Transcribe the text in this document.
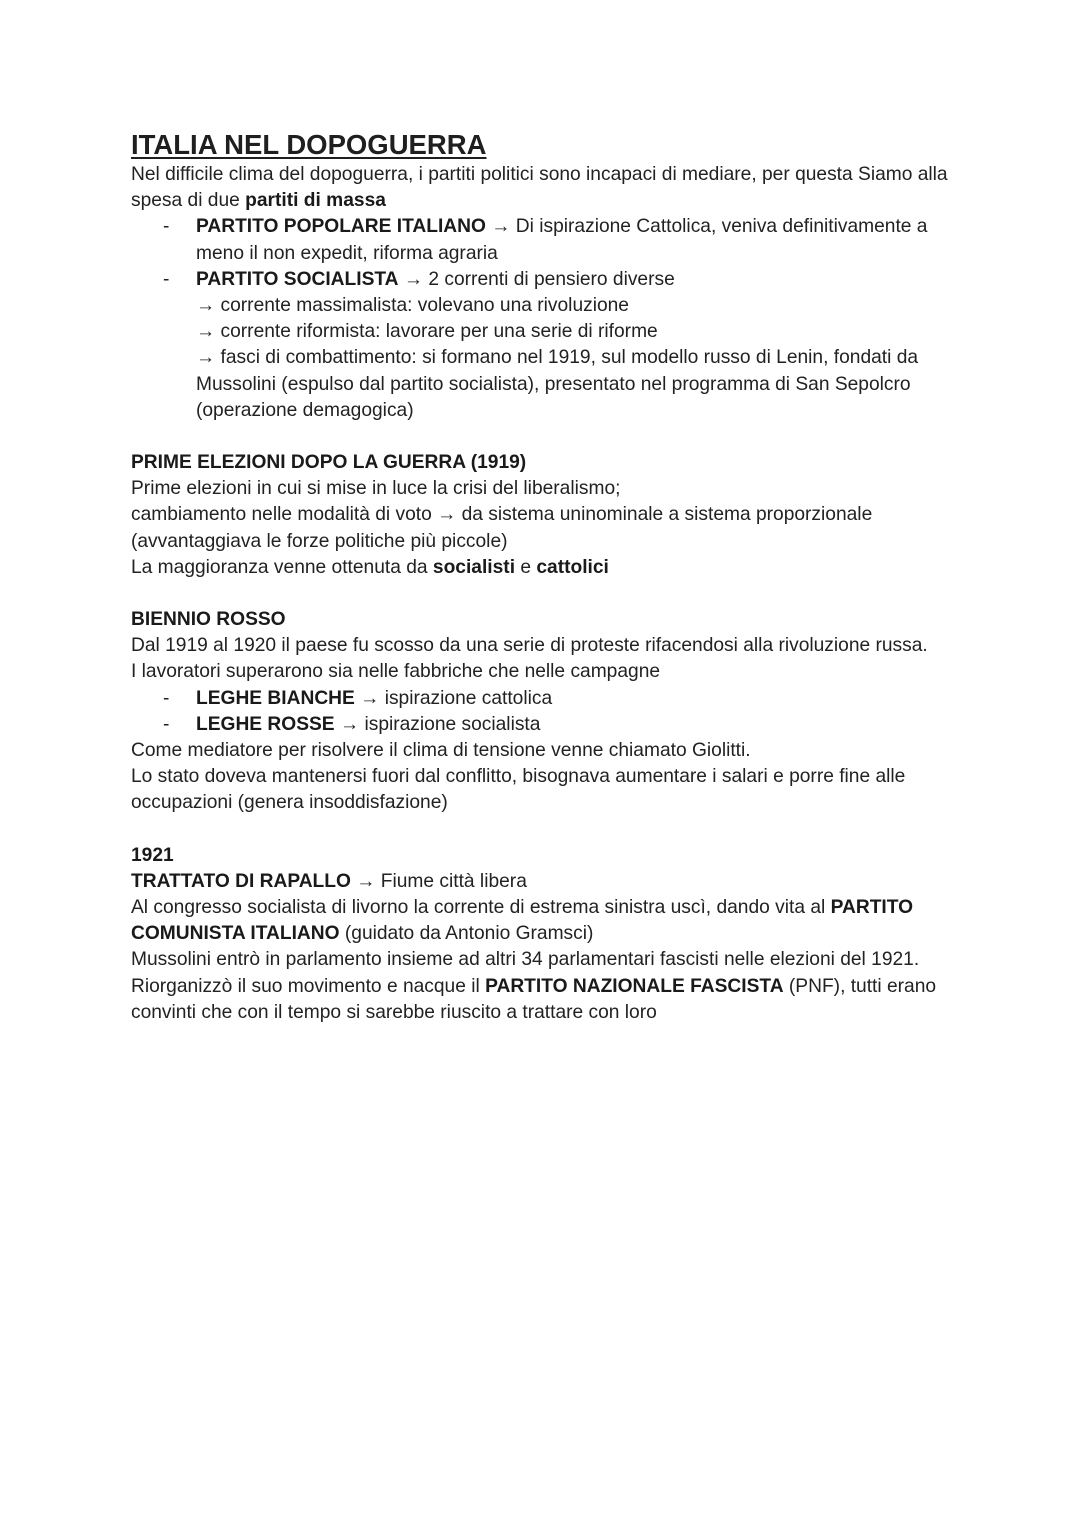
ITALIA NEL DOPOGUERRA

Nel difficile clima del dopoguerra, i partiti politici sono incapaci di mediare, per questa Siamo alla spesa di due partiti di massa

- PARTITO POPOLARE ITALIANO → Di ispirazione Cattolica, veniva definitivamente a meno il non expedit, riforma agraria
- PARTITO SOCIALISTA → 2 correnti di pensiero diverse
→ corrente massimalista: volevano una rivoluzione
→ corrente riformista: lavorare per una serie di riforme
→ fasci di combattimento: si formano nel 1919, sul modello russo di Lenin, fondati da Mussolini (espulso dal partito socialista), presentato nel programma di San Sepolcro (operazione demagogica)

PRIME ELEZIONI DOPO LA GUERRA (1919)

Prime elezioni in cui si mise in luce la crisi del liberalismo;

cambiamento nelle modalità di voto → da sistema uninominale a sistema proporzionale (avvantaggiava le forze politiche più piccole)

La maggioranza venne ottenuta da socialisti e cattolici

BIENNIO ROSSO

Dal 1919 al 1920 il paese fu scosso da una serie di proteste rifacendosi alla rivoluzione russa.

I lavoratori superarono sia nelle fabbriche che nelle campagne

- LEGHE BIANCHE → ispirazione cattolica
- LEGHE ROSSE → ispirazione socialista

Come mediatore per risolvere il clima di tensione venne chiamato Giolitti.

Lo stato doveva mantenersi fuori dal conflitto, bisognava aumentare i salari e porre fine alle occupazioni (genera insoddisfazione)

1921

TRATTATO DI RAPALLO → Fiume città libera

Al congresso socialista di livorno la corrente di estrema sinistra uscì, dando vita al PARTITO COMUNISTA ITALIANO (guidato da Antonio Gramsci)

Mussolini entrò in parlamento insieme ad altri 34 parlamentari fascisti nelle elezioni del 1921. Riorganizzò il suo movimento e nacque il PARTITO NAZIONALE FASCISTA (PNF), tutti erano convinti che con il tempo si sarebbe riuscito a trattare con loro
